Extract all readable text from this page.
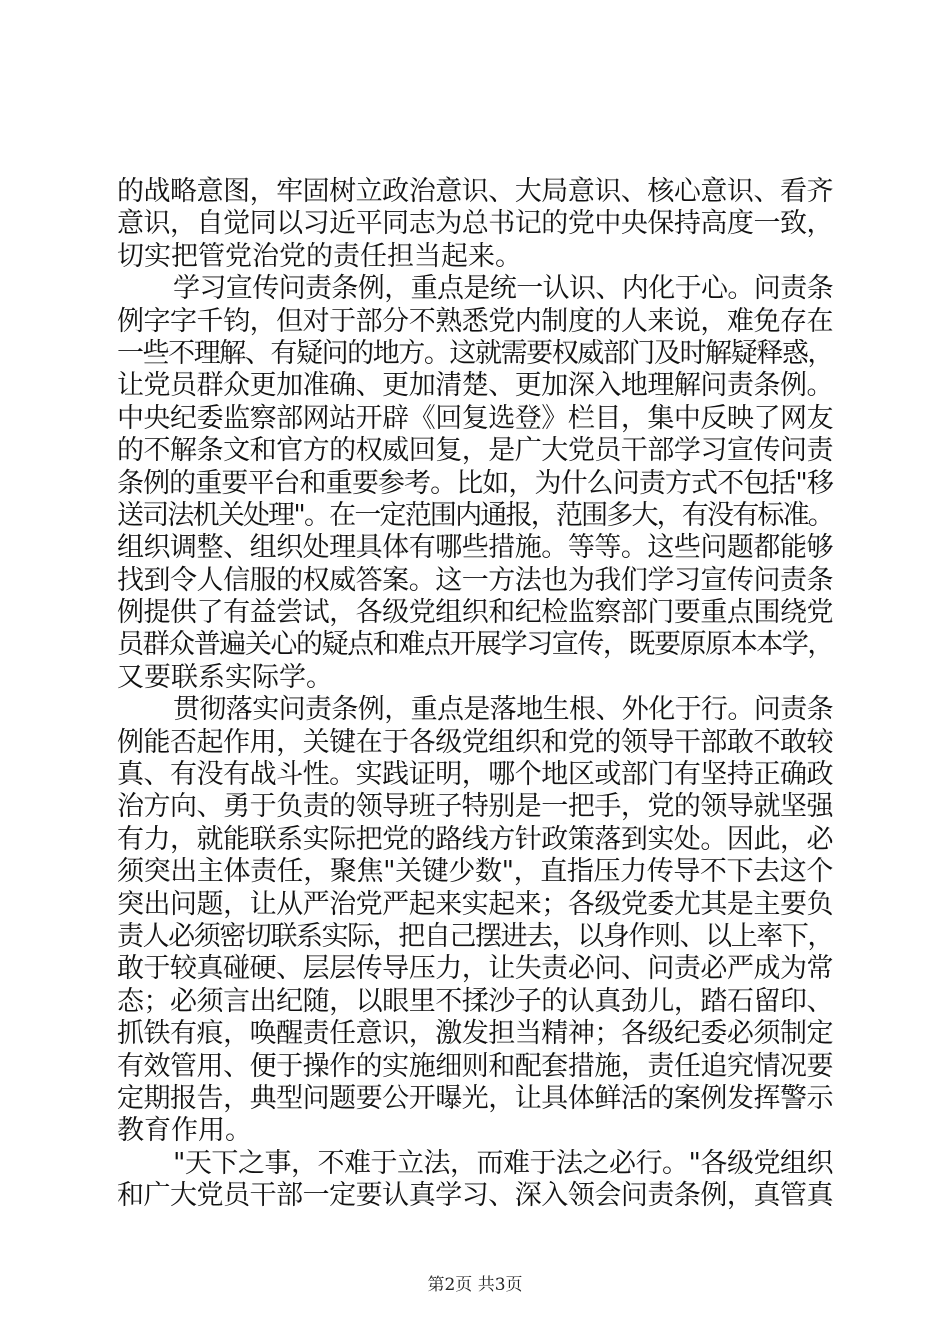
的战略意图，牢固树立政治意识、大局意识、核心意识、看齐
意识，自觉同以习近平同志为总书记的党中央保持高度一致，
切实把管党治党的责任担当起来。
学习宣传问责条例，重点是统一认识、内化于心。问责条
例字字千钧，但对于部分不熟悉党内制度的人来说，难免存在
一些不理解、有疑问的地方。这就需要权威部门及时解疑释惑，
让党员群众更加准确、更加清楚、更加深入地理解问责条例。
中央纪委监察部网站开辟《回复选登》栏目，集中反映了网友
的不解条文和官方的权威回复，是广大党员干部学习宣传问责
条例的重要平台和重要参考。比如，为什么问责方式不包括"移
送司法机关处理"。在一定范围内通报，范围多大，有没有标准。
组织调整、组织处理具体有哪些措施。等等。这些问题都能够
找到令人信服的权威答案。这一方法也为我们学习宣传问责条
例提供了有益尝试，各级党组织和纪检监察部门要重点围绕党
员群众普遍关心的疑点和难点开展学习宣传，既要原原本本学，
又要联系实际学。
贯彻落实问责条例，重点是落地生根、外化于行。问责条
例能否起作用，关键在于各级党组织和党的领导干部敢不敢较
真、有没有战斗性。实践证明，哪个地区或部门有坚持正确政
治方向、勇于负责的领导班子特别是一把手，党的领导就坚强
有力，就能联系实际把党的路线方针政策落到实处。因此，必
须突出主体责任，聚焦"关键少数"，直指压力传导不下去这个
突出问题，让从严治党严起来实起来；各级党委尤其是主要负
责人必须密切联系实际，把自己摆进去，以身作则、以上率下，
敢于较真碰硬、层层传导压力，让失责必问、问责必严成为常
态；必须言出纪随，以眼里不揉沙子的认真劲儿，踏石留印、
抓铁有痕，唤醒责任意识，激发担当精神；各级纪委必须制定
有效管用、便于操作的实施细则和配套措施，责任追究情况要
定期报告，典型问题要公开曝光，让具体鲜活的案例发挥警示
教育作用。
"天下之事，不难于立法，而难于法之必行。"各级党组织
和广大党员干部一定要认真学习、深入领会问责条例，真管真
第2页 共3页
